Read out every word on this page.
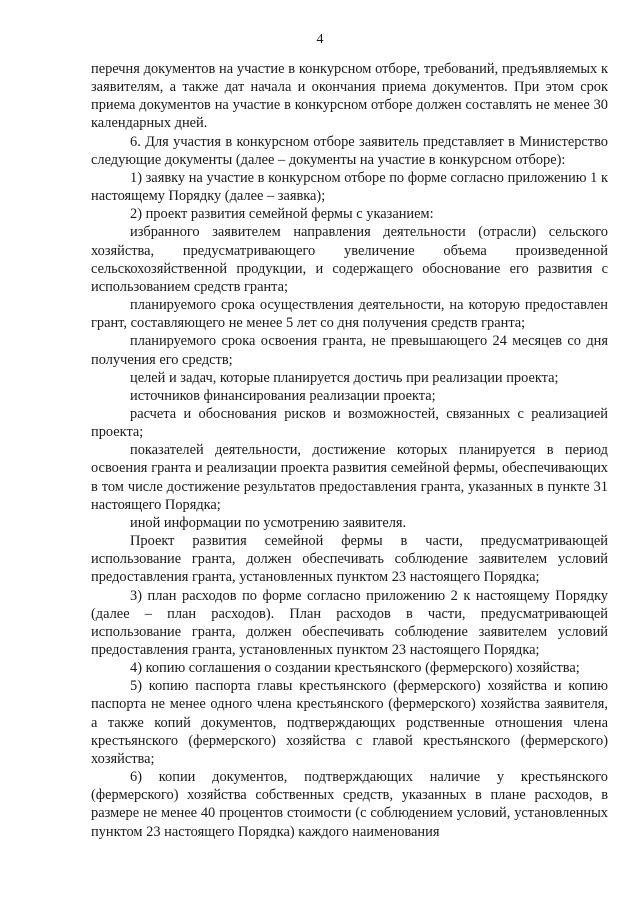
4

перечня документов на участие в конкурсном отборе, требований, предъявляемых к заявителям, а также дат начала и окончания приема документов. При этом срок приема документов на участие в конкурсном отборе должен составлять не менее 30 календарных дней.

6. Для участия в конкурсном отборе заявитель представляет в Министерство следующие документы (далее – документы на участие в конкурсном отборе):

1) заявку на участие в конкурсном отборе по форме согласно приложению 1 к настоящему Порядку (далее – заявка);

2) проект развития семейной фермы с указанием:

избранного заявителем направления деятельности (отрасли) сельского хозяйства, предусматривающего увеличение объема произведенной сельскохозяйственной продукции, и содержащего обоснование его развития с использованием средств гранта;

планируемого срока осуществления деятельности, на которую предоставлен грант, составляющего не менее 5 лет со дня получения средств гранта;

планируемого срока освоения гранта, не превышающего 24 месяцев со дня получения его средств;

целей и задач, которые планируется достичь при реализации проекта;

источников финансирования реализации проекта;

расчета и обоснования рисков и возможностей, связанных с реализацией проекта;

показателей деятельности, достижение которых планируется в период освоения гранта и реализации проекта развития семейной фермы, обеспечивающих в том числе достижение результатов предоставления гранта, указанных в пункте 31 настоящего Порядка;

иной информации по усмотрению заявителя.

Проект развития семейной фермы в части, предусматривающей использование гранта, должен обеспечивать соблюдение заявителем условий предоставления гранта, установленных пунктом 23 настоящего Порядка;

3) план расходов по форме согласно приложению 2 к настоящему Порядку (далее – план расходов). План расходов в части, предусматривающей использование гранта, должен обеспечивать соблюдение заявителем условий предоставления гранта, установленных пунктом 23 настоящего Порядка;

4) копию соглашения о создании крестьянского (фермерского) хозяйства;

5) копию паспорта главы крестьянского (фермерского) хозяйства и копию паспорта не менее одного члена крестьянского (фермерского) хозяйства заявителя, а также копий документов, подтверждающих родственные отношения члена крестьянского (фермерского) хозяйства с главой крестьянского (фермерского) хозяйства;

6) копии документов, подтверждающих наличие у крестьянского (фермерского) хозяйства собственных средств, указанных в плане расходов, в размере не менее 40 процентов стоимости (с соблюдением условий, установленных пунктом 23 настоящего Порядка) каждого наименования
